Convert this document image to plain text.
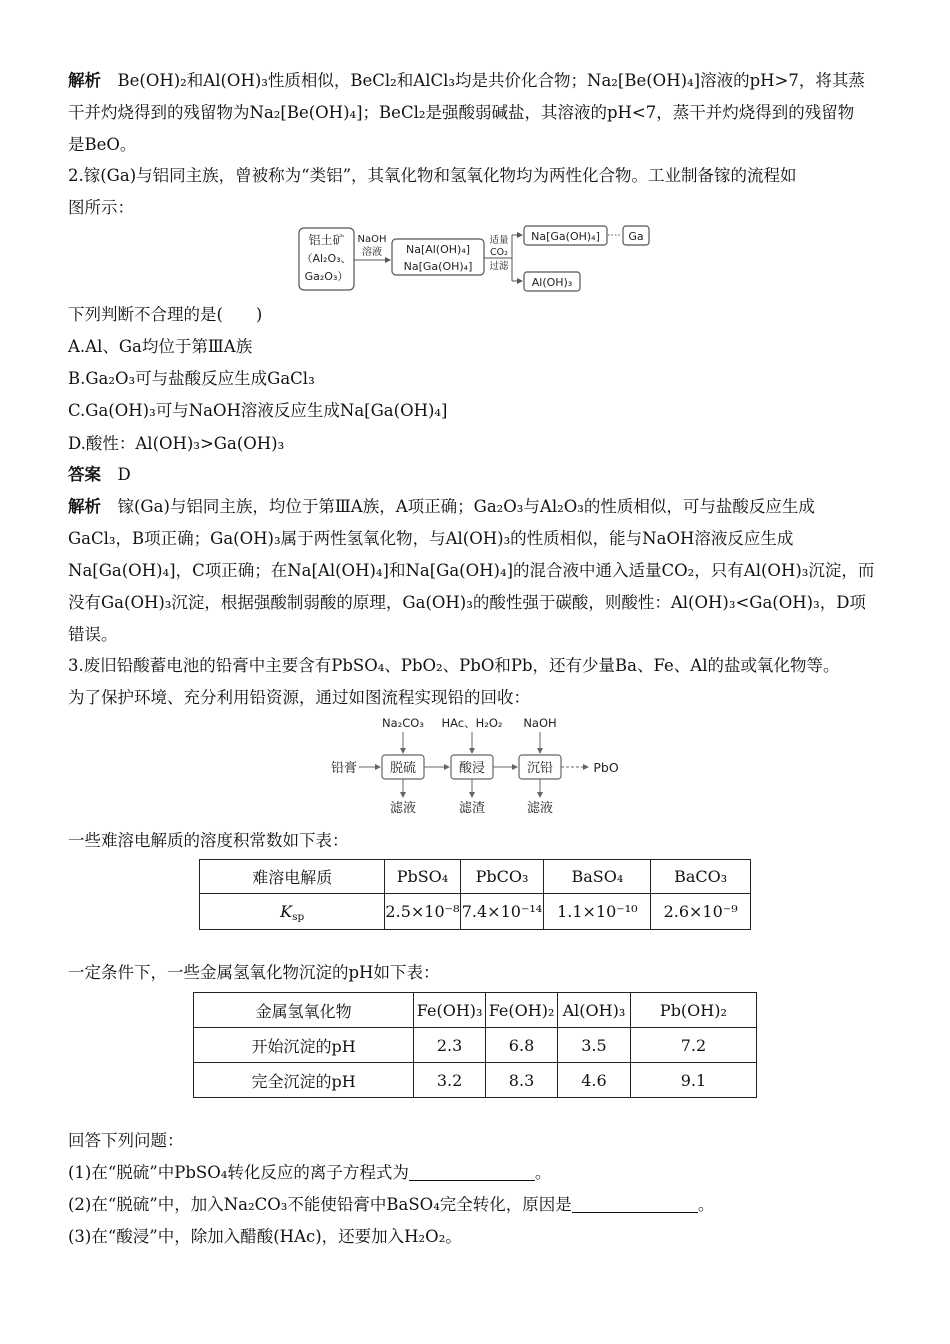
解析　 Be(OH)₂和Al(OH)₃性质相似，BeCl₂和AlCl₃均是共价化合物；Na₂[Be(OH)₄]溶液的pH>7，将其蒸
干并灼烧得到的残留物为Na₂[Be(OH)₄]；BeCl₂是强酸弱碱盐，其溶液的pH<7，蒸干并灼烧得到的残留物
是BeO。
2.镓(Ga)与铝同主族，曾被称为“类铝”，其氧化物和氢氧化物均为两性化合物。工业制备镓的流程如
图所示：
铝土矿
（Al₂O₃、
Ga₂O₃）
NaOH
溶液 Na[Al(OH)₄]
Na[Ga(OH)₄]
适量
CO₂
过滤
Na[Ga(OH)₄]	Ga
Al(OH)₃
下列判断不合理的是(　　)
A.Al、Ga均位于第ⅢA族
B.Ga₂O₃可与盐酸反应生成GaCl₃
C.Ga(OH)₃可与NaOH溶液反应生成Na[Ga(OH)₄]
D.酸性：Al(OH)₃>Ga(OH)₃
答案　 D
解析　 镓(Ga)与铝同主族，均位于第ⅢA族，A项正确；Ga₂O₃与Al₂O₃的性质相似，可与盐酸反应生成
GaCl₃，B项正确；Ga(OH)₃属于两性氢氧化物，与Al(OH)₃的性质相似，能与NaOH溶液反应生成
Na[Ga(OH)₄]，C项正确；在Na[Al(OH)₄]和Na[Ga(OH)₄]的混合液中通入适量CO₂，只有Al(OH)₃沉淀，而
没有Ga(OH)₃沉淀，根据强酸制弱酸的原理，Ga(OH)₃的酸性强于碳酸，则酸性：Al(OH)₃<Ga(OH)₃，D项
错误。
3.废旧铅酸蓄电池的铅膏中主要含有PbSO₄、PbO₂、PbO和Pb，还有少量Ba、Fe、Al的盐或氧化物等。
为了保护环境、充分利用铅资源，通过如图流程实现铅的回收：
铅膏	脱硫	酸浸	沉铅	PbO
Na₂CO₃ HAc、H₂O₂ NaOH
滤液	滤渣	滤液
一些难溶电解质的溶度积常数如下表：
难溶电解质	PbSO₄	PbCO₃	BaSO₄	BaCO₃
$K_{sp}$	2.5×10⁻⁸	7.4×10⁻¹⁴	1.1×10⁻¹⁰	2.6×10⁻⁹
一定条件下，一些金属氢氧化物沉淀的pH如下表：
金属氢氧化物	Fe(OH)₃	Fe(OH)₂	Al(OH)₃	Pb(OH)₂
开始沉淀的pH	2.3	6.8	3.5	7.2
完全沉淀的pH	3.2	8.3	4.6	9.1
回答下列问题：
(1)在“脱硫”中PbSO₄转化反应的离子方程式为	。
(2)在“脱硫”中，加入Na₂CO₃不能使铅膏中BaSO₄完全转化，原因是	。
(3)在“酸浸”中，除加入醋酸(HAc)，还要加入H₂O₂。
